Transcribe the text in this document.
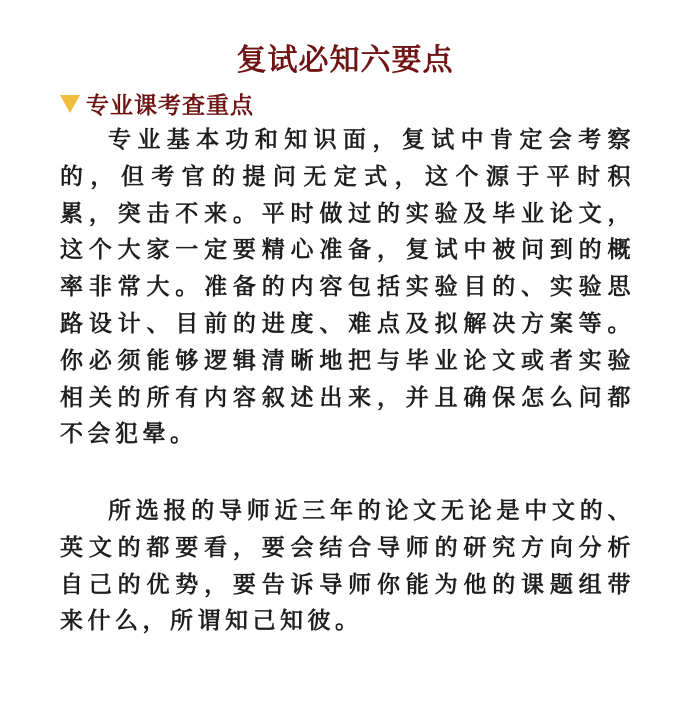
复试必知六要点
专业课考查重点

专业基本功和知识面，复试中肯定会考察的，但考官的提问无定式，这个源于平时积累，突击不来。平时做过的实验及毕业论文，这个大家一定要精心准备，复试中被问到的概率非常大。准备的内容包括实验目的、实验思路设计、目前的进度、难点及拟解决方案等。你必须能够逻辑清晰地把与毕业论文或者实验相关的所有内容叙述出来，并且确保怎么问都不会犯晕。

所选报的导师近三年的论文无论是中文的、英文的都要看，要会结合导师的研究方向分析自己的优势，要告诉导师你能为他的课题组带来什么，所谓知己知彼。
